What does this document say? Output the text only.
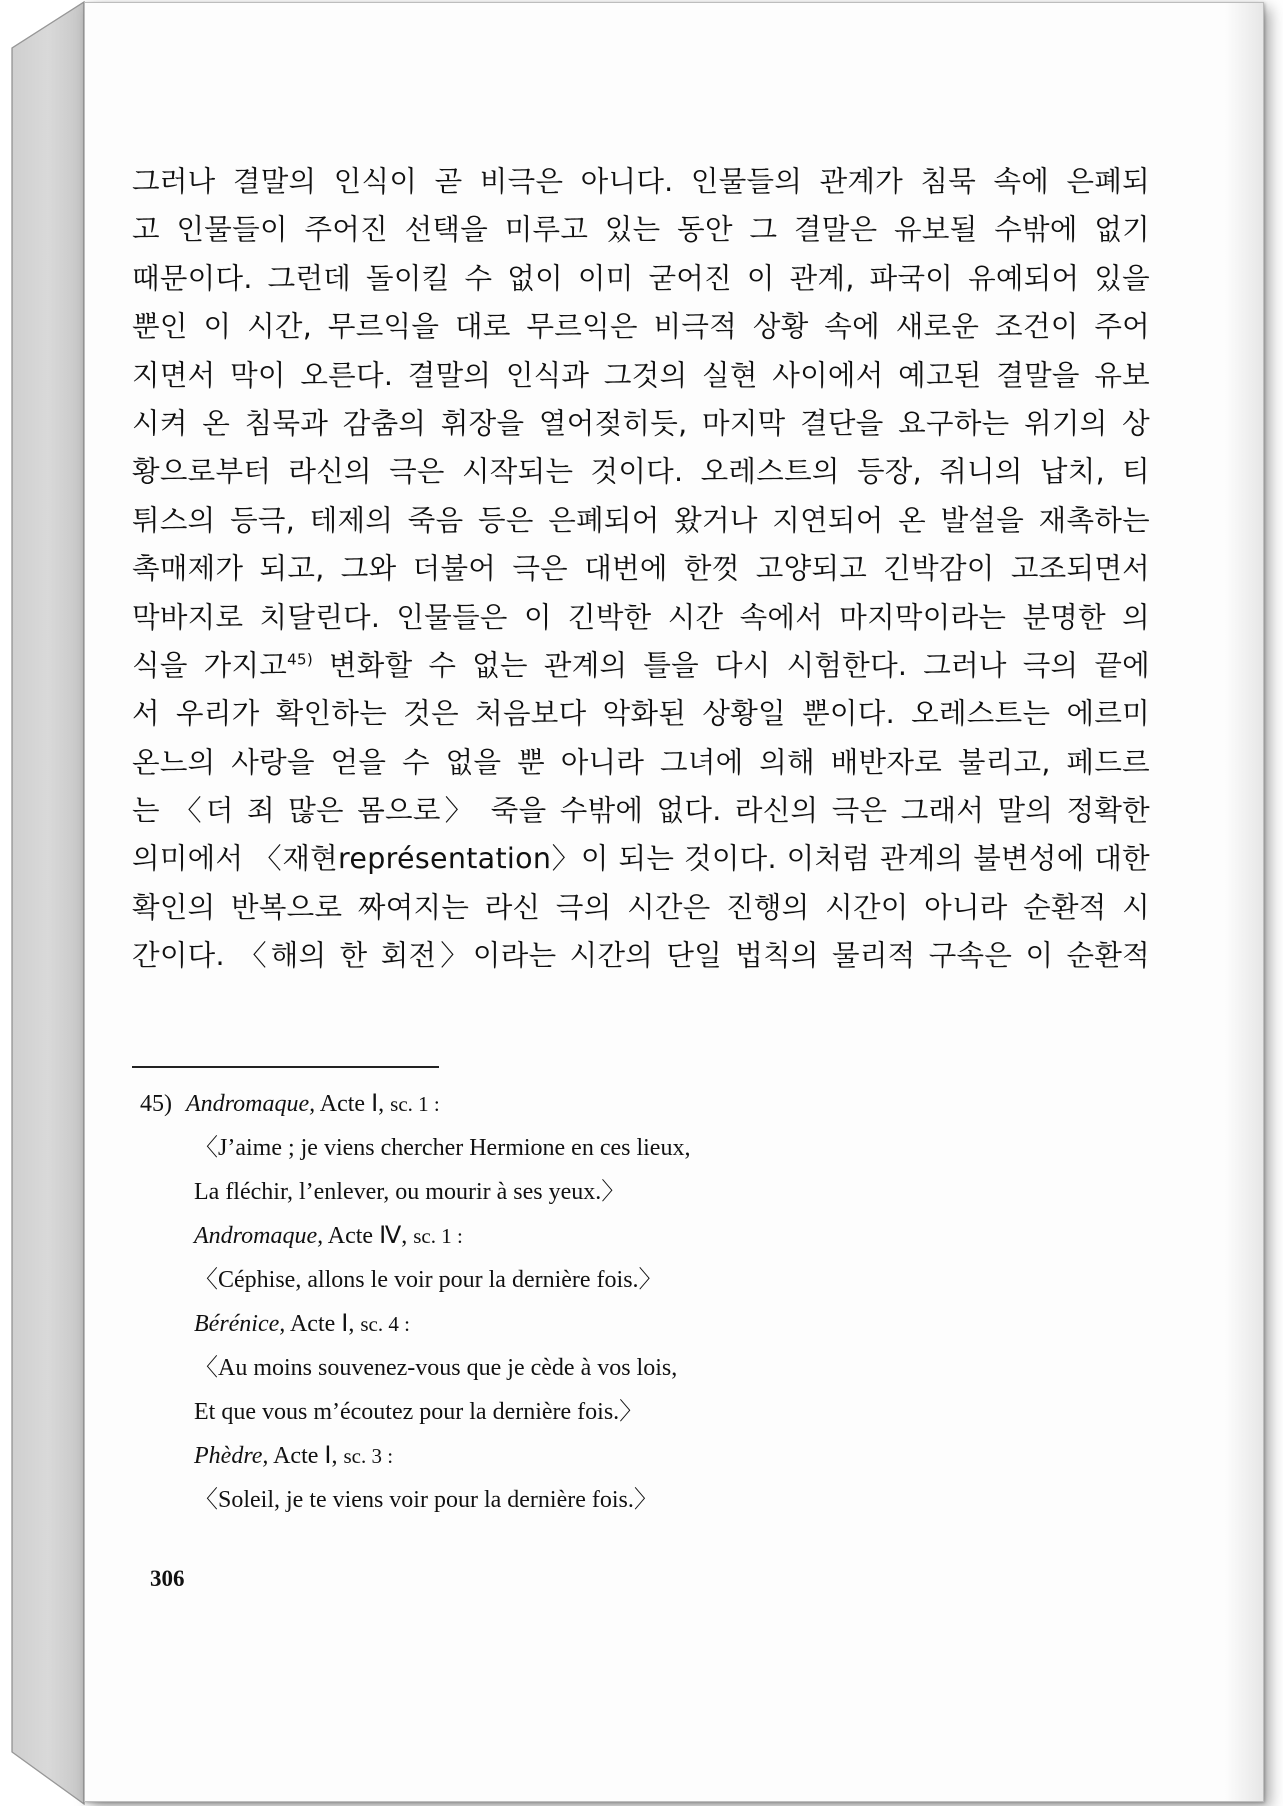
그러나 결말의 인식이 곧 비극은 아니다. 인물들의 관계가 침묵 속에 은폐되
고 인물들이 주어진 선택을 미루고 있는 동안 그 결말은 유보될 수밖에 없기
때문이다. 그런데 돌이킬 수 없이 이미 굳어진 이 관계, 파국이 유예되어 있을
뿐인 이 시간, 무르익을 대로 무르익은 비극적 상황 속에 새로운 조건이 주어
지면서 막이 오른다. 결말의 인식과 그것의 실현 사이에서 예고된 결말을 유보
시켜 온 침묵과 감춤의 휘장을 열어젖히듯, 마지막 결단을 요구하는 위기의 상
황으로부터 라신의 극은 시작되는 것이다. 오레스트의 등장, 쥐니의 납치, 티
튀스의 등극, 테제의 죽음 등은 은폐되어 왔거나 지연되어 온 발설을 재촉하는
촉매제가 되고, 그와 더불어 극은 대번에 한껏 고양되고 긴박감이 고조되면서
막바지로 치달린다. 인물들은 이 긴박한 시간 속에서 마지막이라는 분명한 의
식을 가지고$^{45)}$ 변화할 수 없는 관계의 틀을 다시 시험한다. 그러나 극의 끝에
서 우리가 확인하는 것은 처음보다 악화된 상황일 뿐이다. 오레스트는 에르미
온느의 사랑을 얻을 수 없을 뿐 아니라 그녀에 의해 배반자로 불리고, 페드르
는 〈더 죄 많은 몸으로〉 죽을 수밖에 없다. 라신의 극은 그래서 말의 정확한
의미에서 〈재현représentation〉이 되는 것이다. 이처럼 관계의 불변성에 대한
확인의 반복으로 짜여지는 라신 극의 시간은 진행의 시간이 아니라 순환적 시
간이다. 〈해의 한 회전〉이라는 시간의 단일 법칙의 물리적 구속은 이 순환적
45) Andromaque, Acte Ⅰ, sc. 1 :
〈J’aime ; je viens chercher Hermione en ces lieux,
La fléchir, l’enlever, ou mourir à ses yeux.〉
Andromaque, Acte Ⅳ, sc. 1 :
〈Céphise, allons le voir pour la dernière fois.〉
Bérénice, Acte Ⅰ, sc. 4 :
〈Au moins souvenez-vous que je cède à vos lois,
Et que vous m’écoutez pour la dernière fois.〉
Phèdre, Acte Ⅰ, sc. 3 :
〈Soleil, je te viens voir pour la dernière fois.〉
306
